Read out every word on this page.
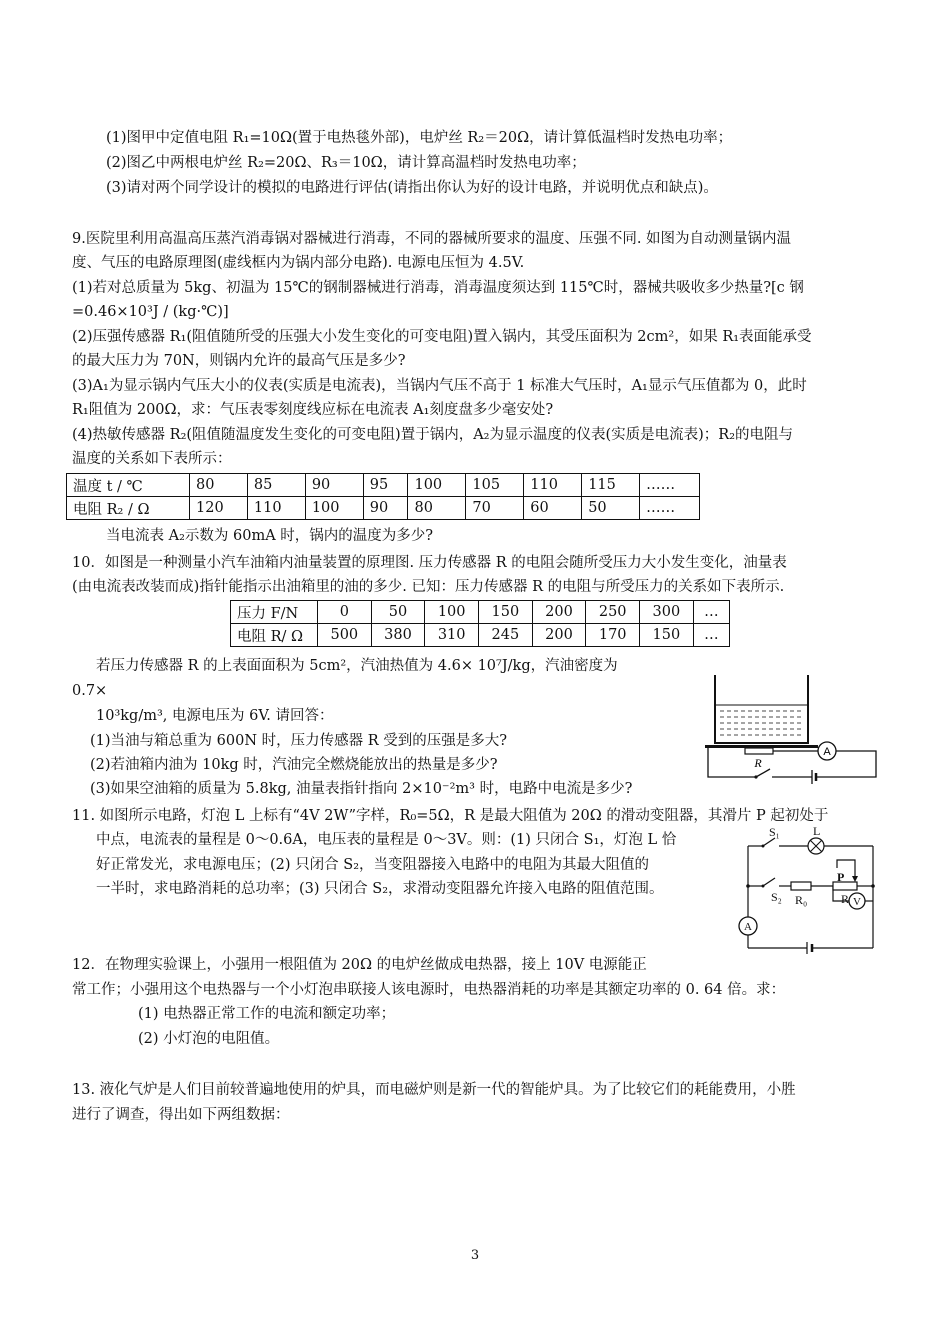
(1)图甲中定值电阻 R₁=10Ω(置于电热毯外部)，电炉丝 R₂＝20Ω，请计算低温档时发热电功率；
(2)图乙中两根电炉丝 R₂=20Ω、R₃＝10Ω，请计算高温档时发热电功率；
(3)请对两个同学设计的模拟的电路进行评估(请指出你认为好的设计电路，并说明优点和缺点)。
9.医院里利用高温高压蒸汽消毒锅对器械进行消毒，不同的器械所要求的温度、压强不同. 如图为自动测量锅内温
度、气压的电路原理图(虚线框内为锅内部分电路). 电源电压恒为 4.5V.
(1)若对总质量为 5kg、初温为 15℃的钢制器械进行消毒，消毒温度须达到 115℃时，器械共吸收多少热量?[c 钢
=0.46×10³J / (kg·℃)]
(2)压强传感器 R₁(阻值随所受的压强大小发生变化的可变电阻)置入锅内，其受压面积为 2cm²，如果 R₁表面能承受
的最大压力为 70N，则锅内允许的最高气压是多少?
(3)A₁为显示锅内气压大小的仪表(实质是电流表)，当锅内气压不高于 1 标准大气压时，A₁显示气压值都为 0，此时
R₁阻值为 200Ω，求：气压表零刻度线应标在电流表 A₁刻度盘多少毫安处?
(4)热敏传感器 R₂(阻值随温度发生变化的可变电阻)置于锅内，A₂为显示温度的仪表(实质是电流表)；R₂的电阻与
温度的关系如下表所示：
温度 t / ℃	80	85	90	95	100	105	110	115	……
电阻 R₂ / Ω	120	110	100	90	80	70	60	50	……
当电流表 A₂示数为 60mA 时，锅内的温度为多少?
10．如图是一种测量小汽车油箱内油量装置的原理图. 压力传感器 R 的电阻会随所受压力大小发生变化，油量表
(由电流表改装而成)指针能指示出油箱里的油的多少. 已知：压力传感器 R 的电阻与所受压力的关系如下表所示.
压力 F/N	0	50	100	150	200	250	300	…
电阻 R/ Ω	500	380	310	245	200	170	150	…
若压力传感器 R 的上表面面积为 5cm²，汽油热值为 4.6× 10⁷J/kg，汽油密度为
0.7×
10³kg/m³, 电源电压为 6V. 请回答：
(1)当油与箱总重为 600N 时，压力传感器 R 受到的压强是多大?
(2)若油箱内油为 10kg 时，汽油完全燃烧能放出的热量是多少?
(3)如果空油箱的质量为 5.8kg, 油量表指针指向 2×10⁻²m³ 时，电路中电流是多少?
A
R
11. 如图所示电路，灯泡 L 上标有“4V 2W”字样，R₀=5Ω，R 是最大阻值为 20Ω 的滑动变阻器，其滑片 P 起初处于
中点，电流表的量程是 0～0.6A，电压表的量程是 0～3V。则：(1) 只闭合 S₁，灯泡 L 恰
好正常发光，求电源电压；(2) 只闭合 S₂，当变阻器接入电路中的电阻为其最大阻值的
一半时，求电路消耗的总功率；(3) 只闭合 S₂，求滑动变阻器允许接入电路的阻值范围。
S₁	L
P
S₂ R₀	R
A
V
12．在物理实验课上，小强用一根阻值为 20Ω 的电炉丝做成电热器，接上 10V 电源能正
常工作；小强用这个电热器与一个小灯泡串联接人该电源时，电热器消耗的功率是其额定功率的 0. 64 倍。求：
(1) 电热器正常工作的电流和额定功率；
(2) 小灯泡的电阻值。
13. 液化气炉是人们目前较普遍地使用的炉具，而电磁炉则是新一代的智能炉具。为了比较它们的耗能费用，小胜
进行了调查，得出如下两组数据：
3
